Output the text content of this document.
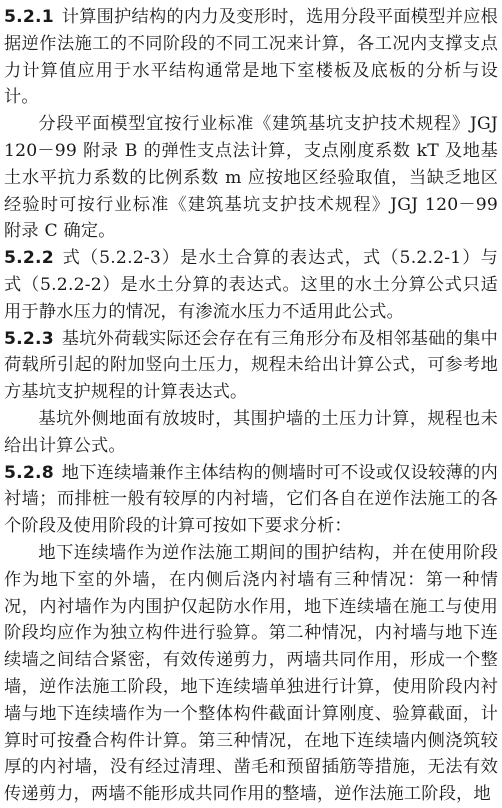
5.2.1 计算围护结构的内力及变形时，选用分段平面模型并应根据逆作法施工的不同阶段的不同工况来计算，各工况内支撑支点力计算值应用于水平结构通常是地下室楼板及底板的分析与设计。

分段平面模型宜按行业标准《建筑基坑支护技术规程》JGJ 120－99 附录 B 的弹性支点法计算，支点刚度系数 kT 及地基土水平抗力系数的比例系数 m 应按地区经验取值，当缺乏地区经验时可按行业标准《建筑基坑支护技术规程》JGJ 120－99 附录 C 确定。

5.2.2 式（5.2.2-3）是水土合算的表达式，式（5.2.2-1）与式（5.2.2-2）是水土分算的表达式。这里的水土分算公式只适用于静水压力的情况，有渗流水压力不适用此公式。

5.2.3 基坑外荷载实际还会存在有三角形分布及相邻基础的集中荷载所引起的附加竖向土压力，规程未给出计算公式，可参考地方基坑支护规程的计算表达式。

基坑外侧地面有放坡时，其围护墙的土压力计算，规程也未给出计算公式。

5.2.8 地下连续墙兼作主体结构的侧墙时可不设或仅设较薄的内衬墙；而排桩一般有较厚的内衬墙，它们各自在逆作法施工的各个阶段及使用阶段的计算可按如下要求分析：

地下连续墙作为逆作法施工期间的围护结构，并在使用阶段作为地下室的外墙，在内侧后浇内衬墙有三种情况：第一种情况，内衬墙作为内围护仅起防水作用，地下连续墙在施工与使用阶段均应作为独立构件进行验算。第二种情况，内衬墙与地下连续墙之间结合紧密，有效传递剪力，两墙共同作用，形成一个整墙，逆作法施工阶段，地下连续墙单独进行计算，使用阶段内衬墙与地下连续墙作为一个整体构件截面计算刚度、验算截面，计算时可按叠合构件计算。第三种情况，在地下连续墙内侧浇筑较厚的内衬墙，没有经过清理、凿毛和预留插筋等措施，无法有效传递剪力，两墙不能形成共同作用的整墙，逆作法施工阶段，地
